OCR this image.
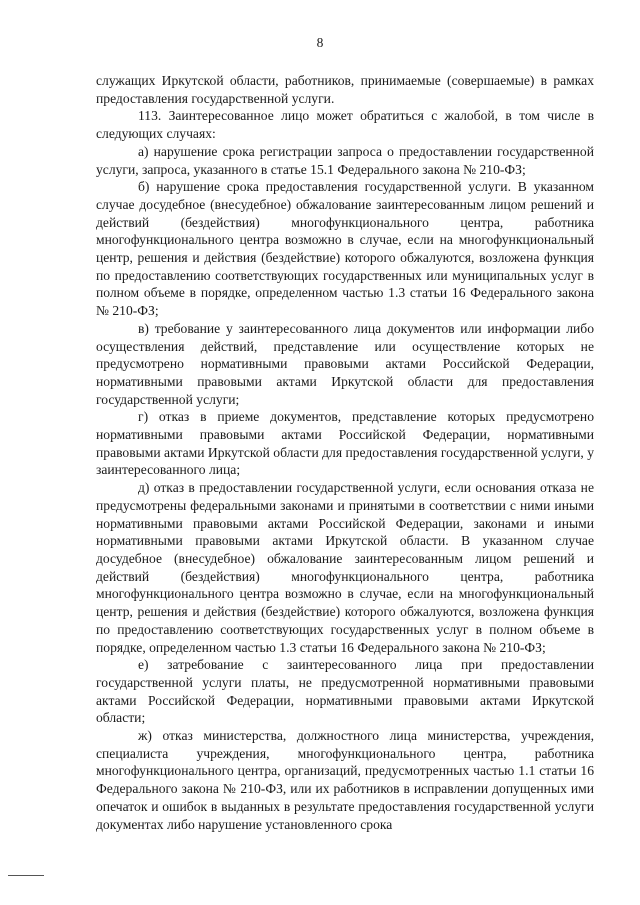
8

служащих Иркутской области, работников, принимаемые (совершаемые) в рамках предоставления государственной услуги.

113. Заинтересованное лицо может обратиться с жалобой, в том числе в следующих случаях:

а) нарушение срока регистрации запроса о предоставлении государственной услуги, запроса, указанного в статье 15.1 Федерального закона № 210-ФЗ;

б) нарушение срока предоставления государственной услуги. В указанном случае досудебное (внесудебное) обжалование заинтересованным лицом решений и действий (бездействия) многофункционального центра, работника многофункционального центра возможно в случае, если на многофункциональный центр, решения и действия (бездействие) которого обжалуются, возложена функция по предоставлению соответствующих государственных или муниципальных услуг в полном объеме в порядке, определенном частью 1.3 статьи 16 Федерального закона № 210-ФЗ;

в) требование у заинтересованного лица документов или информации либо осуществления действий, представление или осуществление которых не предусмотрено нормативными правовыми актами Российской Федерации, нормативными правовыми актами Иркутской области для предоставления государственной услуги;

г) отказ в приеме документов, представление которых предусмотрено нормативными правовыми актами Российской Федерации, нормативными правовыми актами Иркутской области для предоставления государственной услуги, у заинтересованного лица;

д) отказ в предоставлении государственной услуги, если основания отказа не предусмотрены федеральными законами и принятыми в соответствии с ними иными нормативными правовыми актами Российской Федерации, законами и иными нормативными правовыми актами Иркутской области. В указанном случае досудебное (внесудебное) обжалование заинтересованным лицом решений и действий (бездействия) многофункционального центра, работника многофункционального центра возможно в случае, если на многофункциональный центр, решения и действия (бездействие) которого обжалуются, возложена функция по предоставлению соответствующих государственных услуг в полном объеме в порядке, определенном частью 1.3 статьи 16 Федерального закона № 210-ФЗ;

е) затребование с заинтересованного лица при предоставлении государственной услуги платы, не предусмотренной нормативными правовыми актами Российской Федерации, нормативными правовыми актами Иркутской области;

ж) отказ министерства, должностного лица министерства, учреждения, специалиста учреждения, многофункционального центра, работника многофункционального центра, организаций, предусмотренных частью 1.1 статьи 16 Федерального закона № 210-ФЗ, или их работников в исправлении допущенных ими опечаток и ошибок в выданных в результате предоставления государственной услуги документах либо нарушение установленного срока
